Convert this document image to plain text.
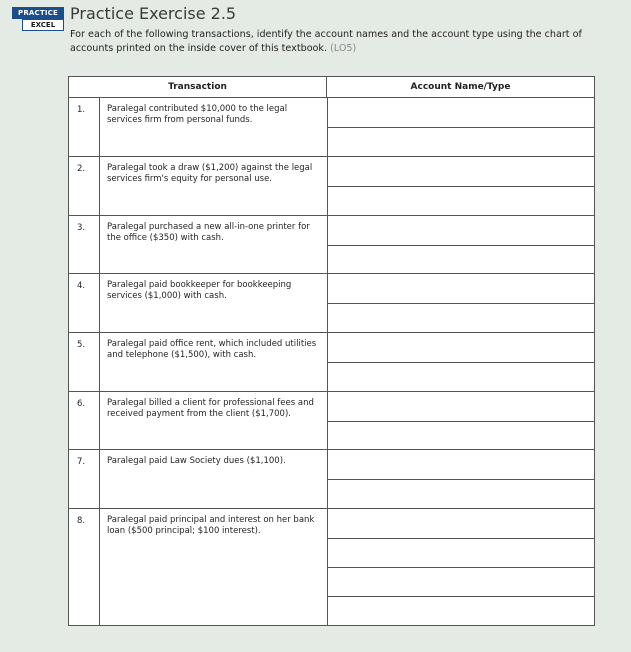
PRACTICE
EXCEL
Practice Exercise 2.5
For each of the following transactions, identify the account names and the account type using the chart of accounts printed on the inside cover of this textbook. (LO5)
Transaction	Account Name/Type
1.	Paralegal contributed $10,000 to the legal services firm from personal funds.
2.	Paralegal took a draw ($1,200) against the legal services firm's equity for personal use.
3.	Paralegal purchased a new all-in-one printer for the office ($350) with cash.
4.	Paralegal paid bookkeeper for bookkeeping services ($1,000) with cash.
5.	Paralegal paid office rent, which included utilities and telephone ($1,500), with cash.
6.	Paralegal billed a client for professional fees and received payment from the client ($1,700).
7.	Paralegal paid Law Society dues ($1,100).
8.	Paralegal paid principal and interest on her bank loan ($500 principal; $100 interest).
